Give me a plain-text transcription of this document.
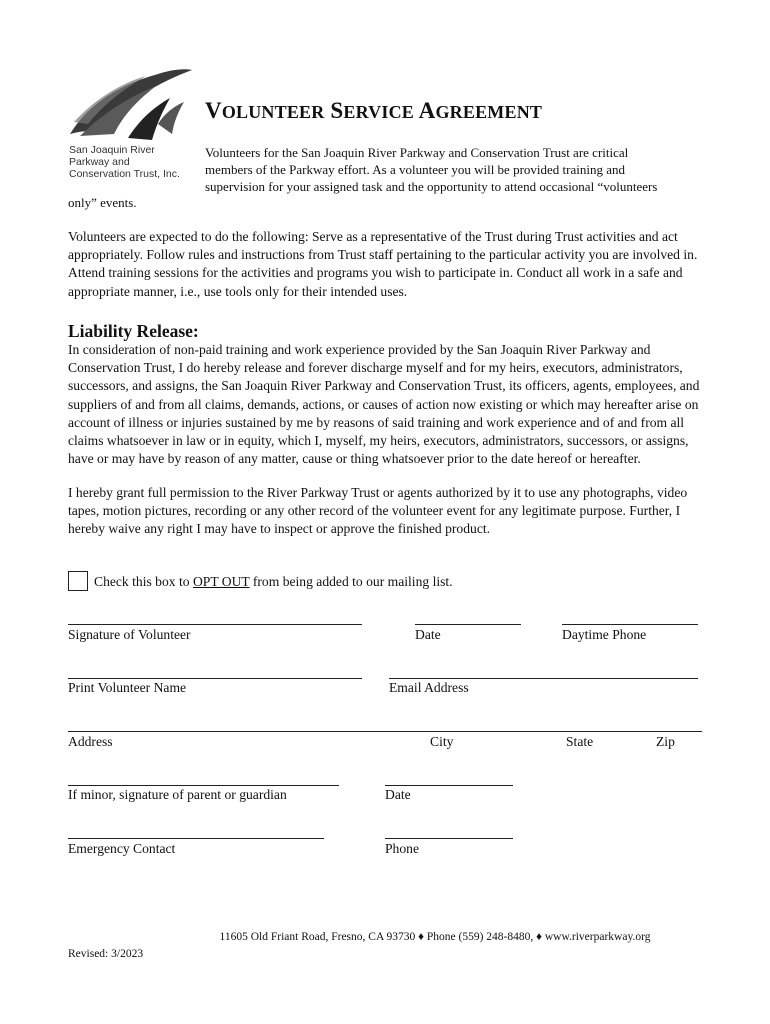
San Joaquin River
Parkway and
Conservation Trust, Inc.
VOLUNTEER SERVICE AGREEMENT
Volunteers for the San Joaquin River Parkway and Conservation Trust are critical members of the Parkway effort. As a volunteer you will be provided training and supervision for your assigned task and the opportunity to attend occasional “volunteers
only” events.
Volunteers are expected to do the following: Serve as a representative of the Trust during Trust activities and act appropriately. Follow rules and instructions from Trust staff pertaining to the particular activity you are involved in. Attend training sessions for the activities and programs you wish to participate in. Conduct all work in a safe and appropriate manner, i.e., use tools only for their intended uses.
Liability Release:
In consideration of non-paid training and work experience provided by the San Joaquin River Parkway and Conservation Trust, I do hereby release and forever discharge myself and for my heirs, executors, administrators, successors, and assigns, the San Joaquin River Parkway and Conservation Trust, its officers, agents, employees, and suppliers of and from all claims, demands, actions, or causes of action now existing or which may hereafter arise on account of illness or injuries sustained by me by reasons of said training and work experience and of and from all claims whatsoever in law or in equity, which I, myself, my heirs, executors, administrators, successors, or assigns, have or may have by reason of any matter, cause or thing whatsoever prior to the date hereof or hereafter.
I hereby grant full permission to the River Parkway Trust or agents authorized by it to use any photographs, video tapes, motion pictures, recording or any other record of the volunteer event for any legitimate purpose. Further, I hereby waive any right I may have to inspect or approve the finished product.
Check this box to OPT OUT from being added to our mailing list.
Signature of Volunteer	Date	Daytime Phone
Print Volunteer Name	Email Address
Address	City	State	Zip
If minor, signature of parent or guardian	Date
Emergency Contact	Phone
11605 Old Friant Road, Fresno, CA 93730 ♦ Phone (559) 248-8480, ♦ www.riverparkway.org
Revised: 3/2023
